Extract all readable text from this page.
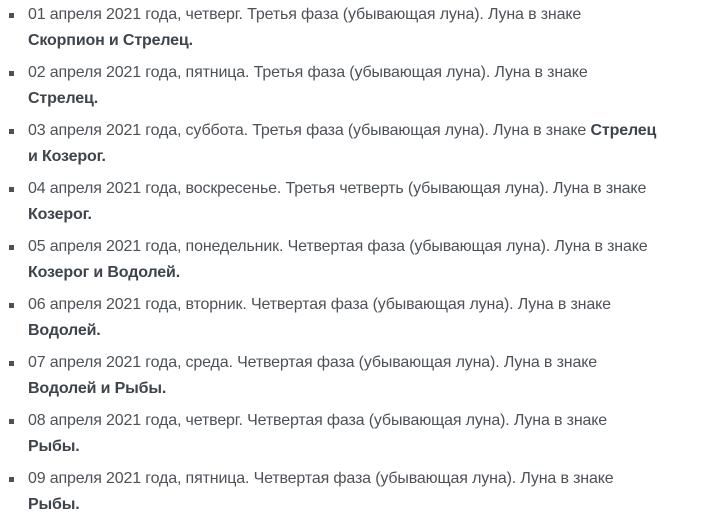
01 апреля 2021 года, четверг. Третья фаза (убывающая луна). Луна в знаке
Скорпион и Стрелец.
02 апреля 2021 года, пятница. Третья фаза (убывающая луна). Луна в знаке
Стрелец.
03 апреля 2021 года, суббота. Третья фаза (убывающая луна). Луна в знаке Стрелец
и Козерог.
04 апреля 2021 года, воскресенье. Третья четверть (убывающая луна). Луна в знаке
Козерог.
05 апреля 2021 года, понедельник. Четвертая фаза (убывающая луна). Луна в знаке
Козерог и Водолей.
06 апреля 2021 года, вторник. Четвертая фаза (убывающая луна). Луна в знаке
Водолей.
07 апреля 2021 года, среда. Четвертая фаза (убывающая луна). Луна в знаке
Водолей и Рыбы.
08 апреля 2021 года, четверг. Четвертая фаза (убывающая луна). Луна в знаке
Рыбы.
09 апреля 2021 года, пятница. Четвертая фаза (убывающая луна). Луна в знаке
Рыбы.
